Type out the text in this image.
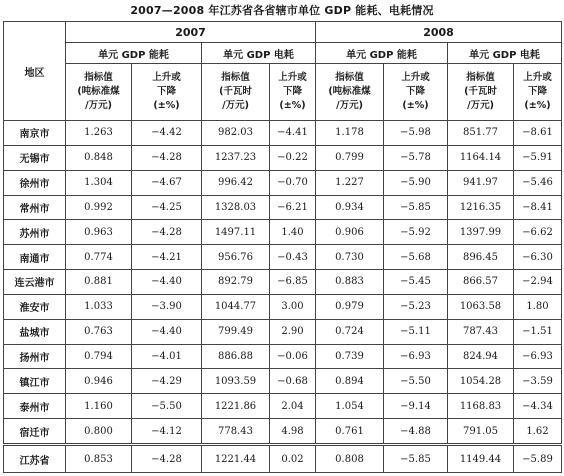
2007—2008 年江苏省各省辖市单位 GDP 能耗、电耗情况
地区	2007				2008			
	单元 GDP 能耗		单元 GDP 电耗		单元 GDP 能耗		单元 GDP 电耗	

	指标值
(吨标准煤
/万元)	上升或
下降
(±%)	指标值
(千瓦时
/万元)	上升或
下降
(±%)	指标值
(吨标准煤
/万元)	上升或
下降
(±%)	指标值
(千瓦时
/万元)	上升或
下降
(±%)

南京市	1.263	−4.42	982.03	−4.41	1.178	−5.98	851.77	−8.61
无锡市	0.848	−4.28	1237.23	−0.22	0.799	−5.78	1164.14	−5.91
徐州市	1.304	−4.67	996.42	−0.70	1.227	−5.90	941.97	−5.46
常州市	0.992	−4.25	1328.03	−6.21	0.934	−5.85	1216.35	−8.41
苏州市	0.963	−4.28	1497.11	1.40	0.906	−5.92	1397.99	−6.62
南通市	0.774	−4.21	956.76	−0.43	0.730	−5.68	896.45	−6.30
连云港市	0.881	−4.40	892.79	−6.85	0.883	−5.45	866.57	−2.94
淮安市	1.033	−3.90	1044.77	3.00	0.979	−5.23	1063.58	1.80
盐城市	0.763	−4.40	799.49	2.90	0.724	−5.11	787.43	−1.51
扬州市	0.794	−4.01	886.88	−0.06	0.739	−6.93	824.94	−6.93
镇江市	0.946	−4.29	1093.59	−0.68	0.894	−5.50	1054.28	−3.59
泰州市	1.160	−5.50	1221.86	2.04	1.054	−9.14	1168.83	−4.34
宿迁市	0.800	−4.12	778.43	4.98	0.761	−4.88	791.05	1.62
江苏省	0.853	−4.28	1221.44	0.02	0.808	−5.85	1149.44	−5.89
